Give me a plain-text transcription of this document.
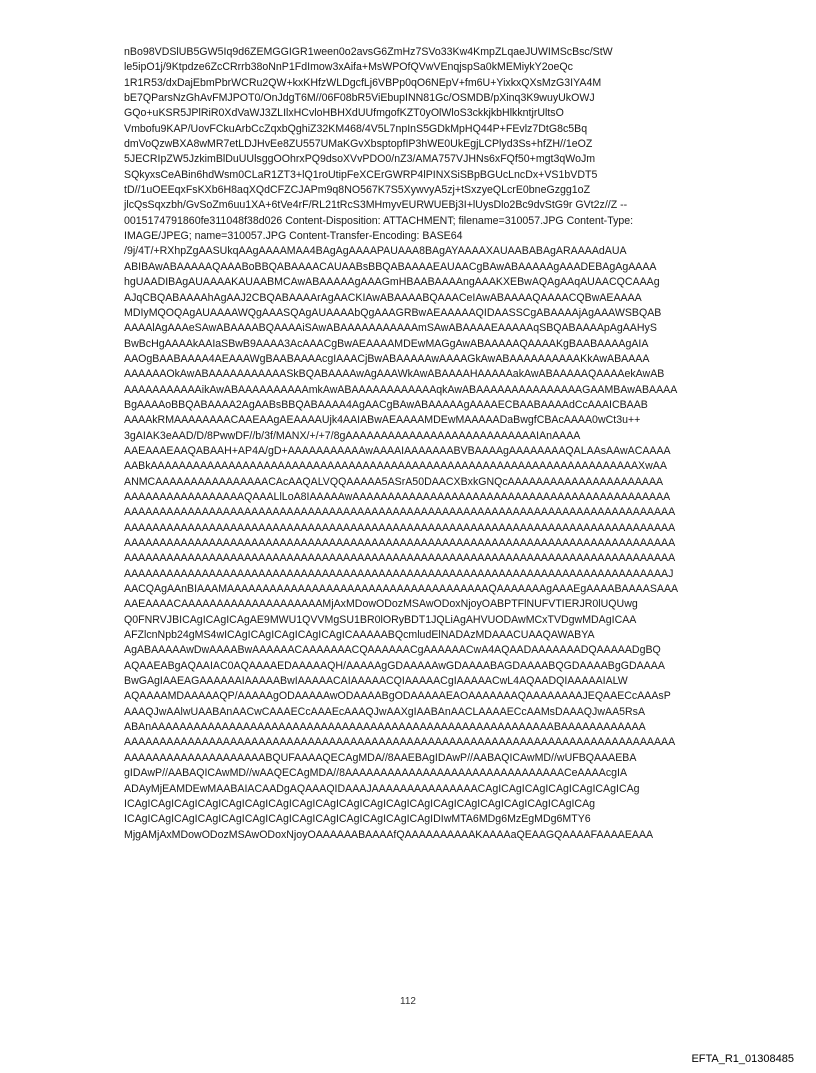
nBo98VDSlUB5GW5Iq9d6ZEMGGIGR1ween0o2avsG6ZmHz7SVo33Kw4KmpZLqaeJUWIMScBsc/StW
le5ipO1j/9Ktpdze6ZcCRrrb38oNnP1FdImow3xAifa+MsWPOfQVwVEnqjspSa0kMEMiykY2oeQc
1R1R53/dxDajEbmPbrWCRu2QW+kxKHfzWLDgcfLj6VBPp0qO6NEpV+fm6U+YixkxQXsMzG3IYA4M
bE7QParsNzGhAvFMJPOT0/OnJdgT6M//06F08bR5ViEbupINN81Gc/OSMDB/pXinq3K9wuyUkOWJ
GQo+uKSR5JPlRiR0XdVaWJ3ZLIlxHCvloHBHXdUUfmgofKZT0yOlWloS3ckkjkbHlkkntjrUltsO
Vmbofu9KAP/UovFCkuArbCcZqxbQghiZ32KM468/4V5L7npInS5GDkMpHQ44P+FEvlz7DtG8c5Bq
dmVoQzwBXA8wMR7etLDJHvEe8ZU557UMaKGvXbsptopfIP3hWE0UkEgjLCPlyd3Ss+hfZH//1eOZ
5JECRIpZW5JzkimBlDuUUlsggOOhrxPQ9dsoXVvPDO0/nZ3/AMA757VJHNs6xFQf50+mgt3qWoJm
SQkyxsCeABin6hdWsm0CLaR1ZT3+lQ1roUtipFeXCErGWRP4lPINXSiSBpBGUcLncDx+VS1bVDT5
tD//1uOEEqxFsKXb6H8aqXQdCFZCJAPm9q8NO567K7S5XywvyA5zj+tSxzyeQLcrE0bneGzgg1oZ
jlcQsSqxzbh/GvSoZm6uu1XA+6tVe4rF/RL21tRcS3MHmyvEURWUEBj3I+lUysDlo2Bc9dvStG9r GVt2z//Z --
0015174791860fe311048f38d026 Content-Disposition: ATTACHMENT; filename=310057.JPG Content-Type:
IMAGE/JPEG; name=310057.JPG Content-Transfer-Encoding: BASE64
/9j/4T/+RXhpZgAASUkqAAgAAAAMAA4BAgAgAAAAPAUAAA8BAgAYAAAAXAUAABABAgARAAAAdAUA
ABIBAwABAAAAAQAAABoBBQABAAAACAUAABsBBQABAAAAEAUAACgBAwABAAAAAgAAADEBAgAgAAAA
hgUAADIBAgAUAAAAKAUAABMCAwABAAAAAgAAAGmHBAABAAAAngAAAKXEBwAQAgAAqAUAACQCAAAg
AJqCBQABAAAAhAgAAJ2CBQABAAAArAgAACKIAwABAAAABQAAACeIAwABAAAAQAAAACQBwAEAAAA
MDIyMQOQAgAUAAAAWQgAAASQAgAUAAAAbQgAAAGRBwAEAAAAAQIDAASSCgABAAAAjAgAAAWSBQAB
AAAAlAgAAAeSAwABAAAABQAAAAiSAwABAAAAAAAAAAAmSAwABAAAAEAAAAAqSBQABAAAApAgAAHyS
BwBcHgAAAAkAAIaSBwB9AAAA3AcAAACgBwAEAAAAMDEwMAGgAwABAAAAAQAAAAKgBAABAAAAgAIA
AAOgBAABAAAA4AEAAAWgBAABAAAAcgIAAACjBwABAAAAAwAAAAGkAwABAAAAAAAAAAKkAwABAAAA
AAAAAAOkAwABAAAAAAAAAAASkBQABAAAAwAgAAAWkAwABAAAAHAAAAAakAwABAAAAAQAAAAekAwAB
AAAAAAAAAAAikAwABAAAAAAAAAAmkAwABAAAAAAAAAAAAqkAwABAAAAAAAAAAAAAAAGAAMBAwABAAAA
BgAAAAoBBQABAAAA2AgAABsBBQABAAAA4AgAACgBAwABAAAAAgAAAAECBAABAAAAdCcAAAICBAAB
AAAAkRMAAAAAAAACAAEAAgAEAAAAUjk4AAIABwAEAAAAMDEwMAAAAADaBwgfCBAcAAAA0wCt3u++
3gAIAK3eAAD/D/8PwwDF//b/3f/MANX/+/+7/8gAAAAAAAAAAAAAAAAAAAAAAAAAAAIAnAAAA
AAEAAAEAAQABAAH+AP4A/gD+AAAAAAAAAAAwAAAAIAAAAAAABVBAAAAgAAAAAAAAQALAAsAAwACAAAA
AABkAAAAAAAAAAAAAAAAAAAAAAAAAAAAAAAAAAAAAAAAAAAAAAAAAAAAAAAAAAAAAAAAAAAAAXwAA
ANMCAAAAAAAAAAAAAAAACAcAAQALVQQAAAAA5ASrA50DAACXBxkGNQcAAAAAAAAAAAAAAAAAAAAAA
AAAAAAAAAAAAAAAAAQAAALlLoA8IAAAAAwAAAAAAAAAAAAAAAAAAAAAAAAAAAAAAAAAAAAAAAAAAAAA
AAAAAAAAAAAAAAAAAAAAAAAAAAAAAAAAAAAAAAAAAAAAAAAAAAAAAAAAAAAAAAAAAAAAAAAAAAAAAA
AAAAAAAAAAAAAAAAAAAAAAAAAAAAAAAAAAAAAAAAAAAAAAAAAAAAAAAAAAAAAAAAAAAAAAAAAAAAAA
AAAAAAAAAAAAAAAAAAAAAAAAAAAAAAAAAAAAAAAAAAAAAAAAAAAAAAAAAAAAAAAAAAAAAAAAAAAAAA
AAAAAAAAAAAAAAAAAAAAAAAAAAAAAAAAAAAAAAAAAAAAAAAAAAAAAAAAAAAAAAAAAAAAAAAAAAAAAA
AAAAAAAAAAAAAAAAAAAAAAAAAAAAAAAAAAAAAAAAAAAAAAAAAAAAAAAAAAAAAAAAAAAAAAAAAAAAAJ
AACQAgAAnBIAAAMAAAAAAAAAAAAAAAAAAAAAAAAAAAAAAAAAAAAAQAAAAAAAgAAAEgAAAABAAAASAAA
AAEAAAACAAAAAAAAAAAAAAAAAAAAMjAxMDowODozMSAwODoxNjoyOABPTFlNUFVTIERJR0lUQUwg
Q0FNRVJBICAgICAgICAgAE9MWU1QVVMgSU1BR0lORyBDT1JQLiAgAHVUODAwMCxTVDgwMDAgICAA
AFZlcnNpb24gMS4wICAgICAgICAgICAgICAgICAAAAABQcmludElNADAzMDAAACUAAQAWABYA
AgABAAAAAwDwAAAABwAAAAAACAAAAAAACQAAAAAACgAAAAAACwA4AQAADAAAAAAADQAAAAADgBQ
AQAAEABgAQAAIAC0AQAAAAEDAAAAAQH/AAAAAgGDAAAAAwGDAAAABAGDAAAABQGDAAAABgGDAAAA
BwGAgIAAEAGAAAAAAIAAAAABwIAAAAACAIAAAAACQIAAAAACgIAAAAACwL4AQAADQIAAAAAIALW
AQAAAAMDAAAAAQP/AAAAAgODAAAAAwODAAAABgODAAAAAEAOAAAAAAAQAAAAAAAAJEQAAECcAAAsP
AAAQJwAAlwUAABAnAACwCAAAECcAAAEcAAAQJwAAXgIAABAnAACLAAAAECcAAMsDAAAQJwAA5RsA
ABAnAAAAAAAAAAAAAAAAAAAAAAAAAAAAAAAAAAAAAAAAAAAAAAAAAAAAAAAAABAAAAAAAAAAAA
AAAAAAAAAAAAAAAAAAAAAAAAAAAAAAAAAAAAAAAAAAAAAAAAAAAAAAAAAAAAAAAAAAAAAAAAAAAAAA
AAAAAAAAAAAAAAAAAAAABQUFAAAAQECAgMDA//8AAEBAgIDAwP//AABAQICAwMD//wUFBQAAAEBA
gIDAwP//AABAQICAwMD//wAAQECAgMDA//8AAAAAAAAAAAAAAAAAAAAAAAAAAAAAAACeAAAAcgIA
ADAyMjEAMDEwMAABAIACAADgAQAAAQIDAAAJAAAAAAAAAAAAAAACAgICAgICAgICAgICAgICAgICAg
ICAgICAgICAgICAgICAgICAgICAgICAgICAgICAgICAgICAgICAgICAgICAgICAgICAgICAgICAgICAg
ICAgICAgICAgICAgICAgICAgICAgICAgICAgICAgICAgICAgICAgIDIwMTA6MDg6MzEgMDg6MTY6
MjgAMjAxMDowODozMSAwODoxNjoyOAAAAAABAAAAfQAAAAAAAAAAKAAAAaQEAAGQAAAAFAAAAEAAA
112
EFTA_R1_01308485
